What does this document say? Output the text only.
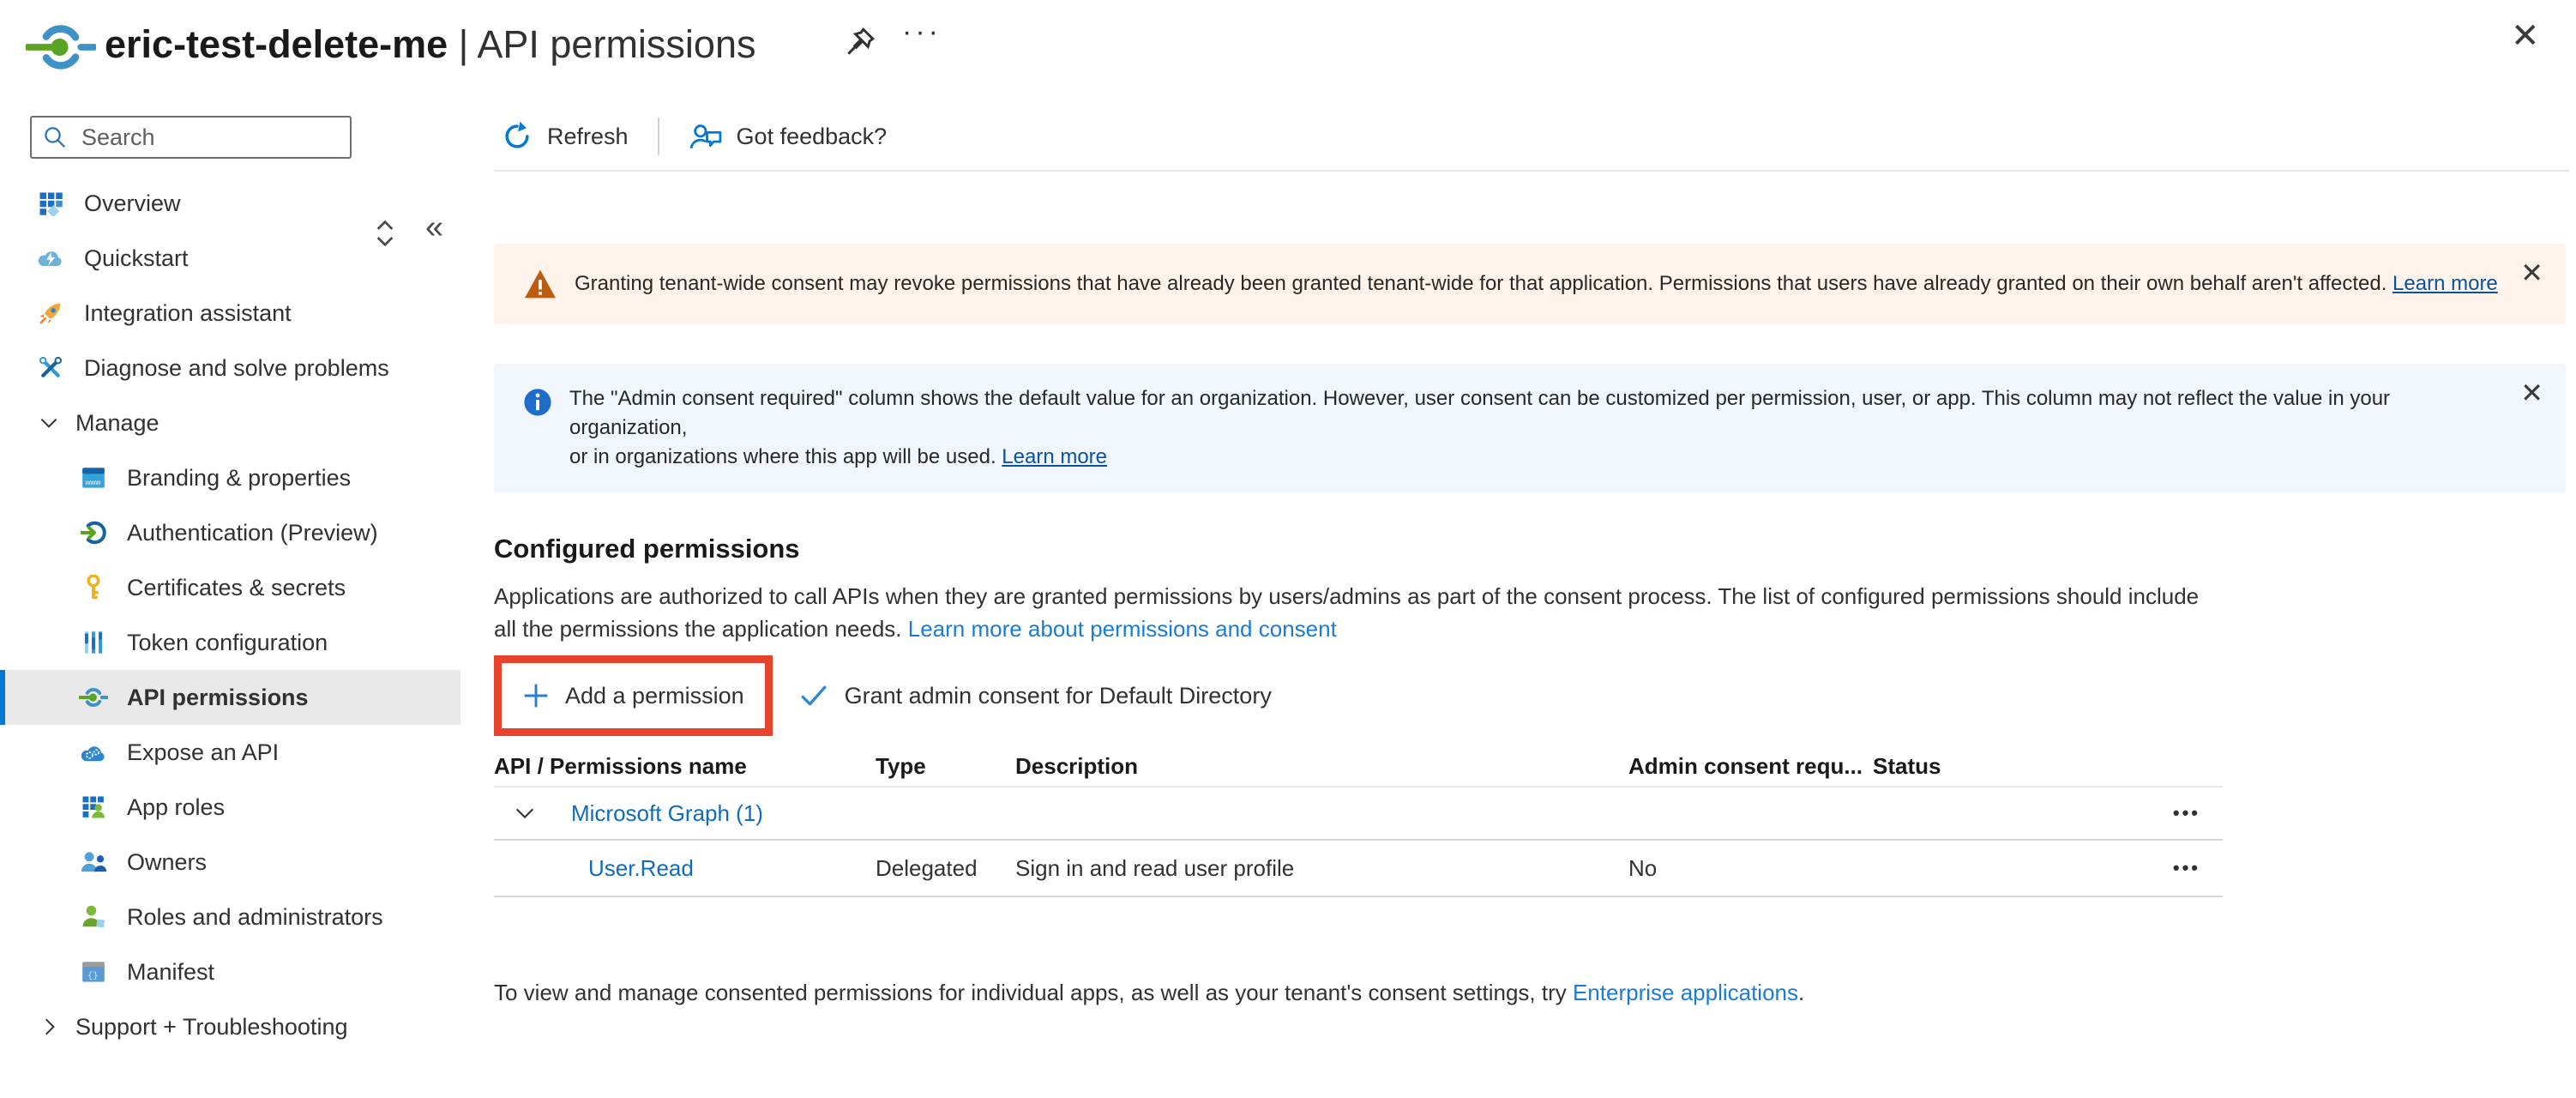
eric-test-delete-me | API permissions	···	✕
Search
«
Overview
Quickstart
Integration assistant
Diagnose and solve problems
Manage
www Branding & properties
Authentication (Preview)
Certificates & secrets
Token configuration
API permissions
Expose an API
App roles
Owners
Roles and administrators
{} Manifest
Support + Troubleshooting
Refresh	Got feedback?
Granting tenant-wide consent may revoke permissions that have already been granted tenant-wide for that application. Permissions that users have already granted on their own behalf aren't affected. Learn more ✕
The "Admin consent required" column shows the default value for an organization. However, user consent can be customized per permission, user, or app. This column may not reflect the value in your organization,
or in organizations where this app will be used. Learn more
✕
Configured permissions

Applications are authorized to call APIs when they are granted permissions by users/admins as part of the consent process. The list of configured permissions should include
all the permissions the application needs. Learn more about permissions and consent

Add a permission	Grant admin consent for Default Directory
API / Permissions name	Type	Description	Admin consent requ... Status
Microsoft Graph (1)	•••
User.Read	Delegated	Sign in and read user profile	No	•••

To view and manage consented permissions for individual apps, as well as your tenant's consent settings, try Enterprise applications.
